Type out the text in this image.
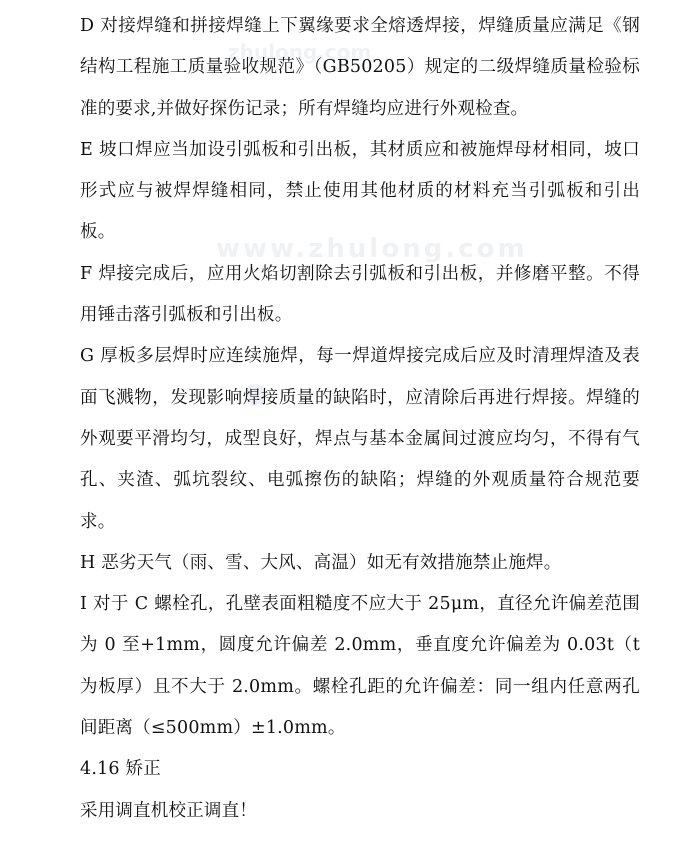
zhulong.com
www.zhulong.com

D 对接焊缝和拼接焊缝上下翼缘要求全熔透焊接，焊缝质量应满足《钢结构工程施工质量验收规范》（GB50205）规定的二级焊缝质量检验标准的要求,并做好探伤记录；所有焊缝均应进行外观检查。

E 坡口焊应当加设引弧板和引出板，其材质应和被施焊母材相同，坡口形式应与被焊焊缝相同，禁止使用其他材质的材料充当引弧板和引出板。

F 焊接完成后，应用火焰切割除去引弧板和引出板，并修磨平整。不得用锤击落引弧板和引出板。

G 厚板多层焊时应连续施焊，每一焊道焊接完成后应及时清理焊渣及表面飞溅物，发现影响焊接质量的缺陷时，应清除后再进行焊接。焊缝的外观要平滑均匀，成型良好，焊点与基本金属间过渡应均匀，不得有气孔、夹渣、弧坑裂纹、电弧擦伤的缺陷；焊缝的外观质量符合规范要求。

H 恶劣天气（雨、雪、大风、高温）如无有效措施禁止施焊。

I 对于 C 螺栓孔，孔壁表面粗糙度不应大于 25μm，直径允许偏差范围为 0 至+1mm，圆度允许偏差 2.0mm，垂直度允许偏差为 0.03t（t 为板厚）且不大于 2.0mm。螺栓孔距的允许偏差：同一组内任意两孔间距离（≤500mm）±1.0mm。

4.16 矫正

采用调直机校正调直！
